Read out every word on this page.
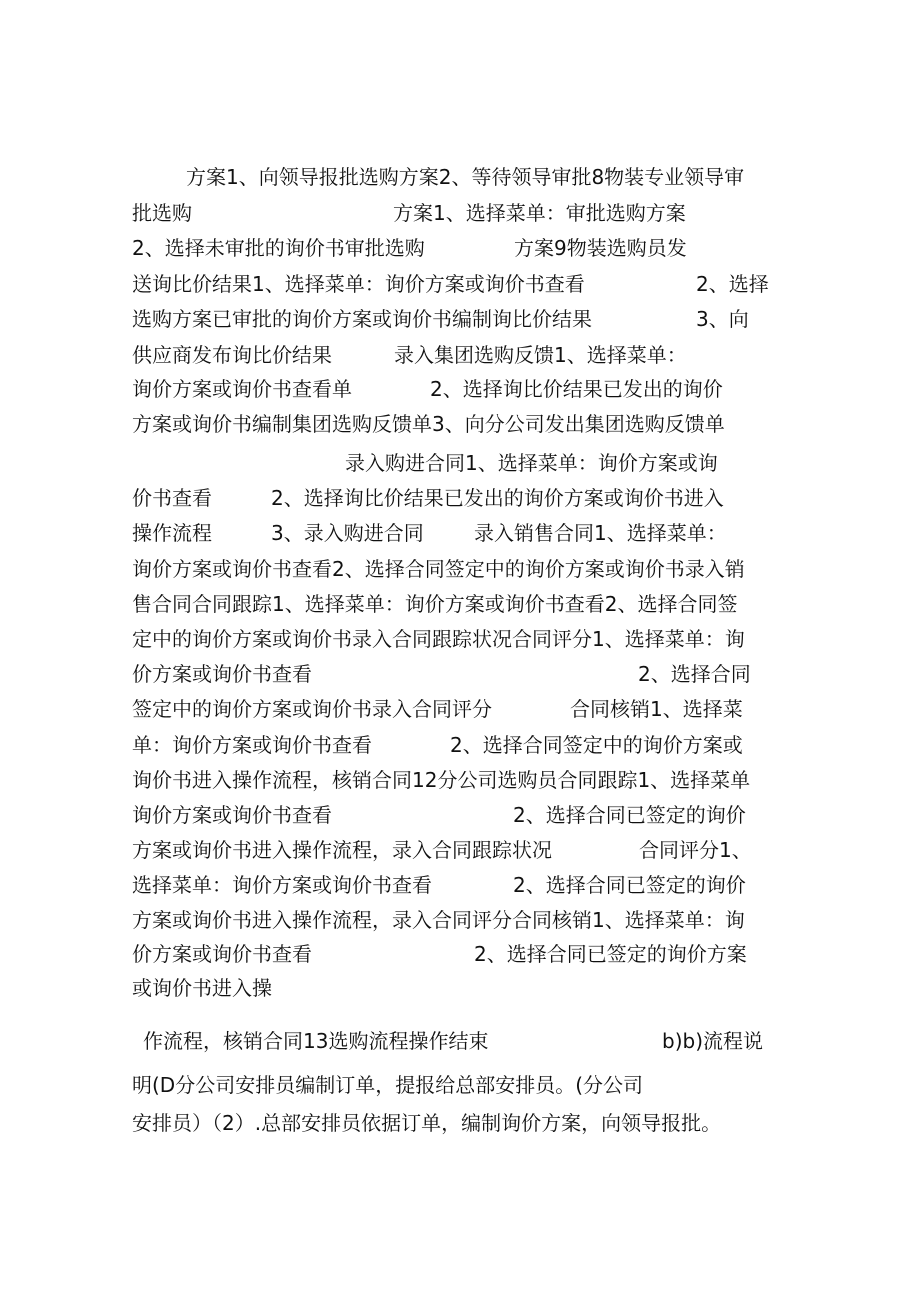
方案1、向领导报批选购方案2、等待领导审批8物装专业领导审

批选购

	方案1、选择菜单：审批选购方案

2、选择未审批的询价书审批选购

	方案9物装选购员发

送询比价结果1、选择菜单：询价方案或询价书查看

	2、选择

选购方案已审批的询价方案或询价书编制询比价结果

	3、向

供应商发布询比价结果

	录入集团选购反馈1、选择菜单：

询价方案或询价书查看单

	2、选择询比价结果已发出的询价

方案或询价书编制集团选购反馈单3、向分公司发出集团选购反馈单

录入购进合同1、选择菜单：询价方案或询

价书查看

	2、选择询比价结果已发出的询价方案或询价书进入

操作流程

	3、录入购进合同

	录入销售合同1、选择菜单：

询价方案或询价书查看2、选择合同签定中的询价方案或询价书录入销

售合同合同跟踪1、选择菜单：询价方案或询价书查看2、选择合同签

定中的询价方案或询价书录入合同跟踪状况合同评分1、选择菜单：询

价方案或询价书查看

	2、选择合同

签定中的询价方案或询价书录入合同评分

	合同核销1、选择菜

单：询价方案或询价书查看

	2、选择合同签定中的询价方案或

询价书进入操作流程，核销合同12分公司选购员合同跟踪1、选择菜单

询价方案或询价书查看

	2、选择合同已签定的询价

方案或询价书进入操作流程，录入合同跟踪状况

	合同评分1、

选择菜单：询价方案或询价书查看

	2、选择合同已签定的询价

方案或询价书进入操作流程，录入合同评分合同核销1、选择菜单：询

价方案或询价书查看

	2、选择合同已签定的询价方案

或询价书进入操

作流程，核销合同13选购流程操作结束

	b)b)流程说

明(D分公司安排员编制订单，提报给总部安排员。(分公司

安排员）（2）.总部安排员依据订单，编制询价方案，向领导报批。
